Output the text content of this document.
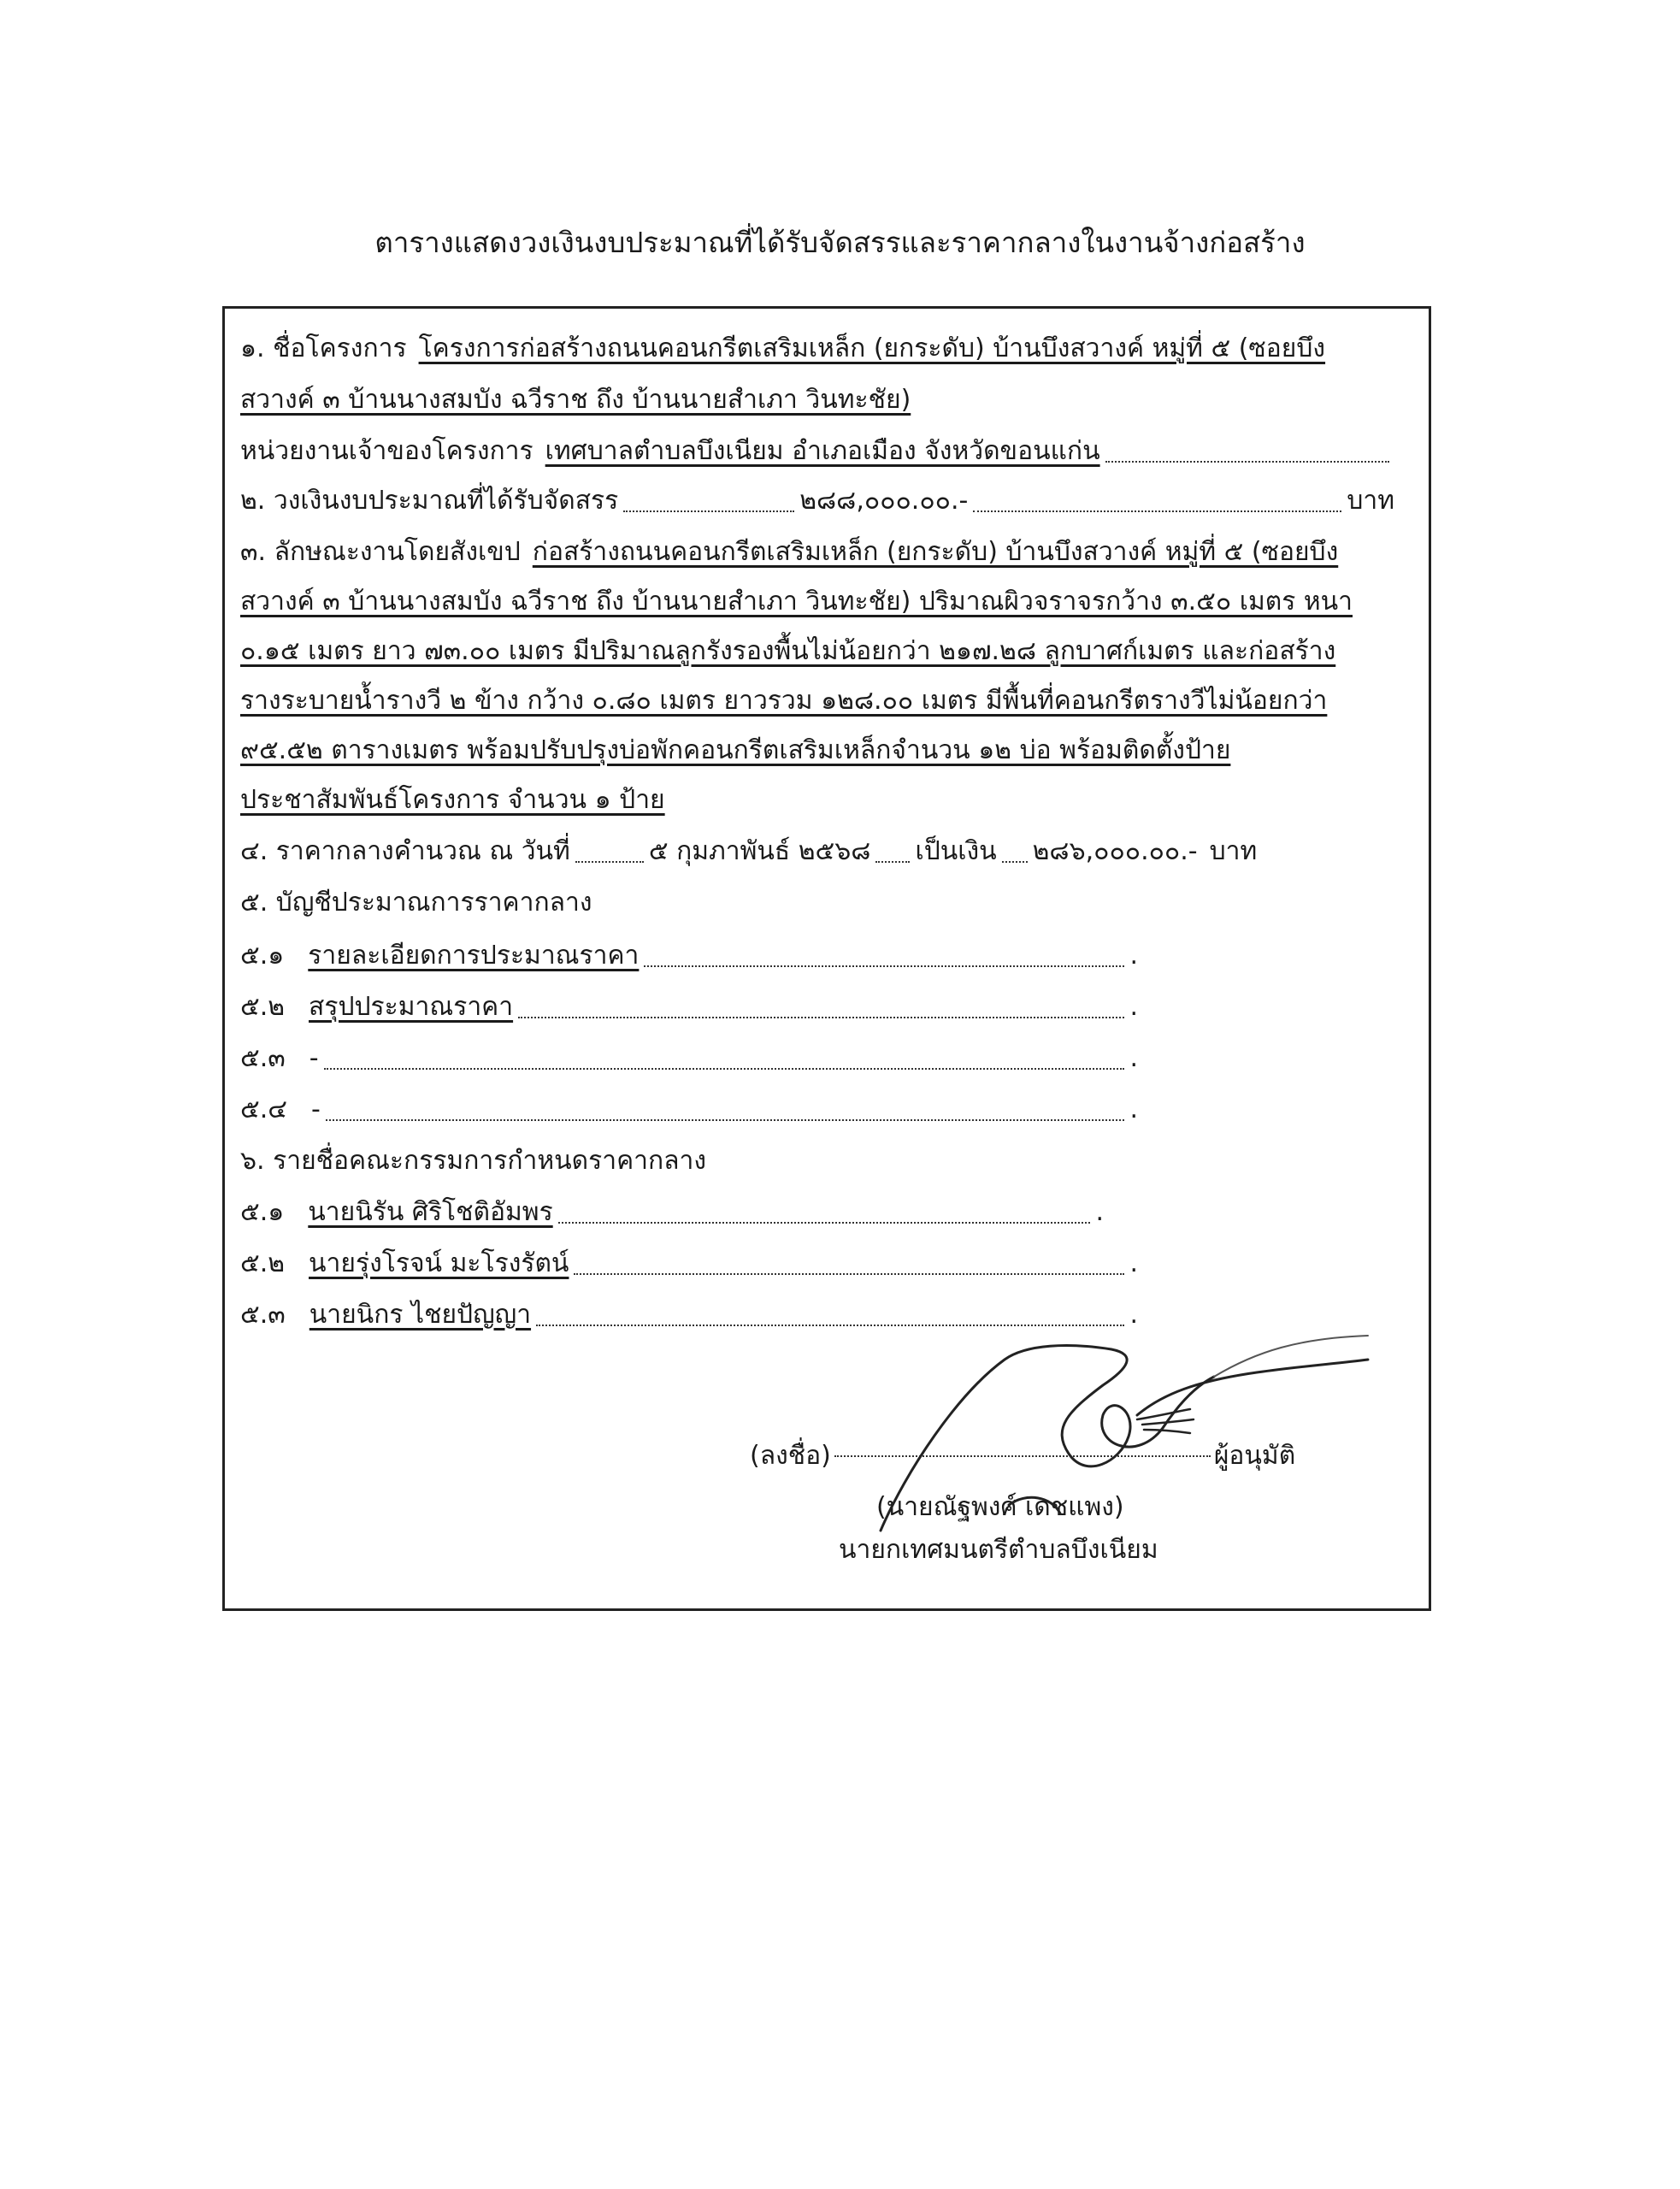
ตารางแสดงวงเงินงบประมาณที่ได้รับจัดสรรและราคากลางในงานจ้างก่อสร้าง
๑. ชื่อโครงการ โครงการก่อสร้างถนนคอนกรีตเสริมเหล็ก (ยกระดับ) บ้านบึงสวางค์ หมู่ที่ ๕ (ซอยบึง
สวางค์ ๓ บ้านนางสมบัง ฉวีราช ถึง บ้านนายสำเภา วินทะชัย)
หน่วยงานเจ้าของโครงการ เทศบาลตำบลบึงเนียม อำเภอเมือง จังหวัดขอนแก่น
๒. วงเงินงบประมาณที่ได้รับจัดสรร	๒๘๘,๐๐๐.๐๐.-	บาท
๓. ลักษณะงานโดยสังเขป ก่อสร้างถนนคอนกรีตเสริมเหล็ก (ยกระดับ) บ้านบึงสวางค์ หมู่ที่ ๕ (ซอยบึง
สวางค์ ๓ บ้านนางสมบัง ฉวีราช ถึง บ้านนายสำเภา วินทะชัย) ปริมาณผิวจราจรกว้าง ๓.๕๐ เมตร หนา
๐.๑๕ เมตร ยาว ๗๓.๐๐ เมตร มีปริมาณลูกรังรองพื้นไม่น้อยกว่า ๒๑๗.๒๘ ลูกบาศก์เมตร และก่อสร้าง
รางระบายน้ำรางวี ๒ ข้าง กว้าง ๐.๘๐ เมตร ยาวรวม ๑๒๘.๐๐ เมตร มีพื้นที่คอนกรีตรางวีไม่น้อยกว่า
๙๕.๕๒ ตารางเมตร พร้อมปรับปรุงบ่อพักคอนกรีตเสริมเหล็กจำนวน ๑๒ บ่อ พร้อมติดตั้งป้าย
ประชาสัมพันธ์โครงการ จำนวน ๑ ป้าย
๔. ราคากลางคำนวณ ณ วันที่	๕ กุมภาพันธ์ ๒๕๖๘ เป็นเงิน ๒๘๖,๐๐๐.๐๐.- บาท
๕. บัญชีประมาณการราคากลาง
๕.๑ รายละเอียดการประมาณราคา	.
๕.๒ สรุปประมาณราคา	.
๕.๓ -	.
๕.๔ -	.
๖. รายชื่อคณะกรรมการกำหนดราคากลาง
๕.๑ นายนิรัน ศิริโชติอัมพร	.
๕.๒ นายรุ่งโรจน์ มะโรงรัตน์	.
๕.๓ นายนิกร ไชยปัญญา	.
(ลงชื่อ)	ผู้อนุมัติ
(นายณัฐพงศ์ เดชแพง)
นายกเทศมนตรีตำบลบึงเนียม
